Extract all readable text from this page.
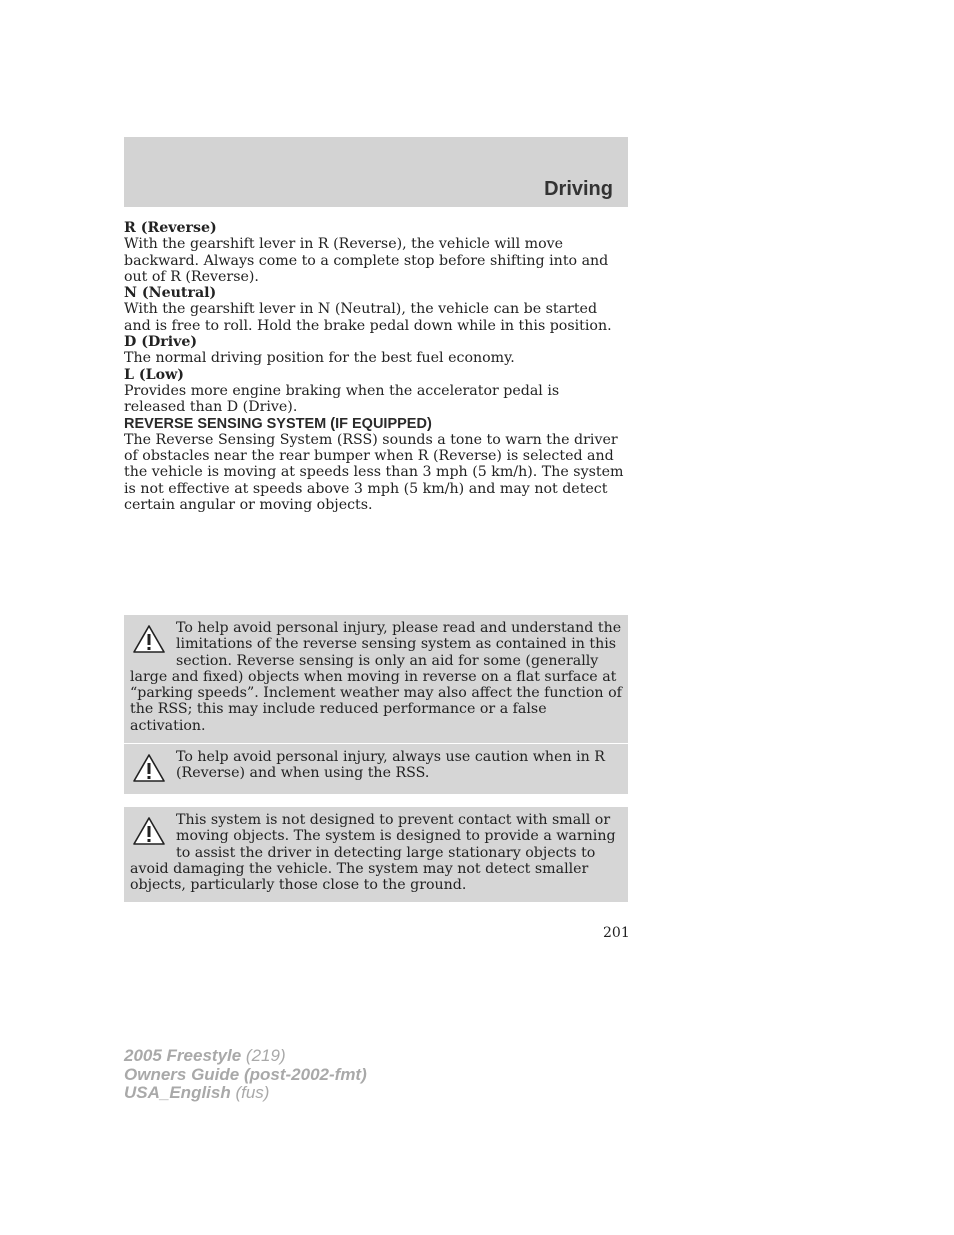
Driving

R (Reverse)

With the gearshift lever in R (Reverse), the vehicle will move backward. Always come to a complete stop before shifting into and out of R (Reverse).

N (Neutral)

With the gearshift lever in N (Neutral), the vehicle can be started and is free to roll. Hold the brake pedal down while in this position.

D (Drive)

The normal driving position for the best fuel economy.

L (Low)

Provides more engine braking when the accelerator pedal is released than D (Drive).

REVERSE SENSING SYSTEM (IF EQUIPPED)

The Reverse Sensing System (RSS) sounds a tone to warn the driver of obstacles near the rear bumper when R (Reverse) is selected and the vehicle is moving at speeds less than 3 mph (5 km/h). The system is not effective at speeds above 3 mph (5 km/h) and may not detect certain angular or moving objects.

To help avoid personal injury, please read and understand the limitations of the reverse sensing system as contained in this section. Reverse sensing is only an aid for some (generally large and fixed) objects when moving in reverse on a flat surface at “parking speeds”. Inclement weather may also affect the function of the RSS; this may include reduced performance or a false activation.
To help avoid personal injury, always use caution when in R (Reverse) and when using the RSS.
This system is not designed to prevent contact with small or moving objects. The system is designed to provide a warning to assist the driver in detecting large stationary objects to avoid damaging the vehicle. The system may not detect smaller objects, particularly those close to the ground.
201
2005 Freestyle (219)
Owners Guide (post-2002-fmt)
USA_English (fus)
